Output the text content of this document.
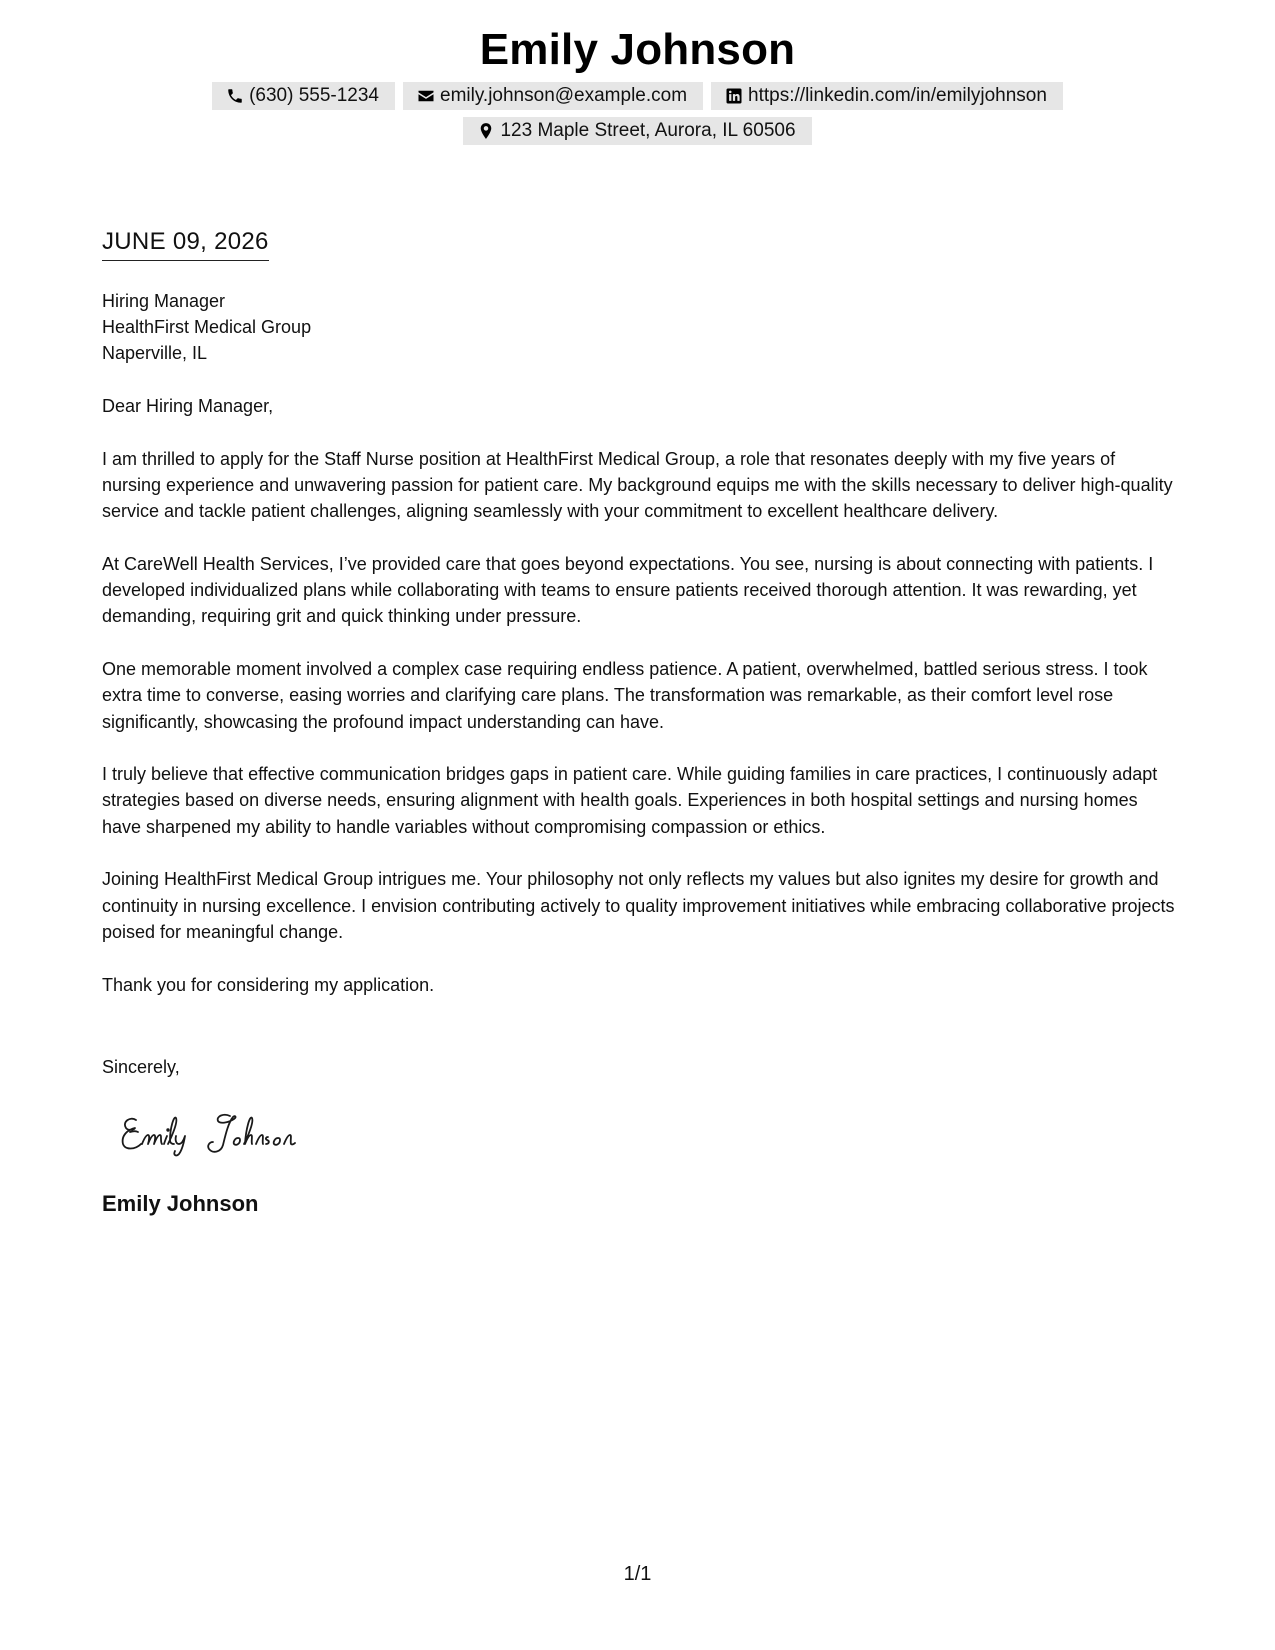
Emily Johnson
(630) 555-1234	emily.johnson@example.com	https://linkedin.com/in/emilyjohnson
123 Maple Street, Aurora, IL 60506
JUNE 09, 2026
Hiring Manager
HealthFirst Medical Group
Naperville, IL

Dear Hiring Manager,

I am thrilled to apply for the Staff Nurse position at HealthFirst Medical Group, a role that resonates deeply with my five years of nursing experience and unwavering passion for patient care. My background equips me with the skills necessary to deliver high-quality service and tackle patient challenges, aligning seamlessly with your commitment to excellent healthcare delivery.

At CareWell Health Services, I’ve provided care that goes beyond expectations. You see, nursing is about connecting with patients. I developed individualized plans while collaborating with teams to ensure patients received thorough attention. It was rewarding, yet demanding, requiring grit and quick thinking under pressure.

One memorable moment involved a complex case requiring endless patience. A patient, overwhelmed, battled serious stress. I took extra time to converse, easing worries and clarifying care plans. The transformation was remarkable, as their comfort level rose significantly, showcasing the profound impact understanding can have.

I truly believe that effective communication bridges gaps in patient care. While guiding families in care practices, I continuously adapt strategies based on diverse needs, ensuring alignment with health goals. Experiences in both hospital settings and nursing homes have sharpened my ability to handle variables without compromising compassion or ethics.

Joining HealthFirst Medical Group intrigues me. Your philosophy not only reflects my values but also ignites my desire for growth and continuity in nursing excellence. I envision contributing actively to quality improvement initiatives while embracing collaborative projects poised for meaningful change.

Thank you for considering my application.

Sincerely,
Emily Johnson
1/1
